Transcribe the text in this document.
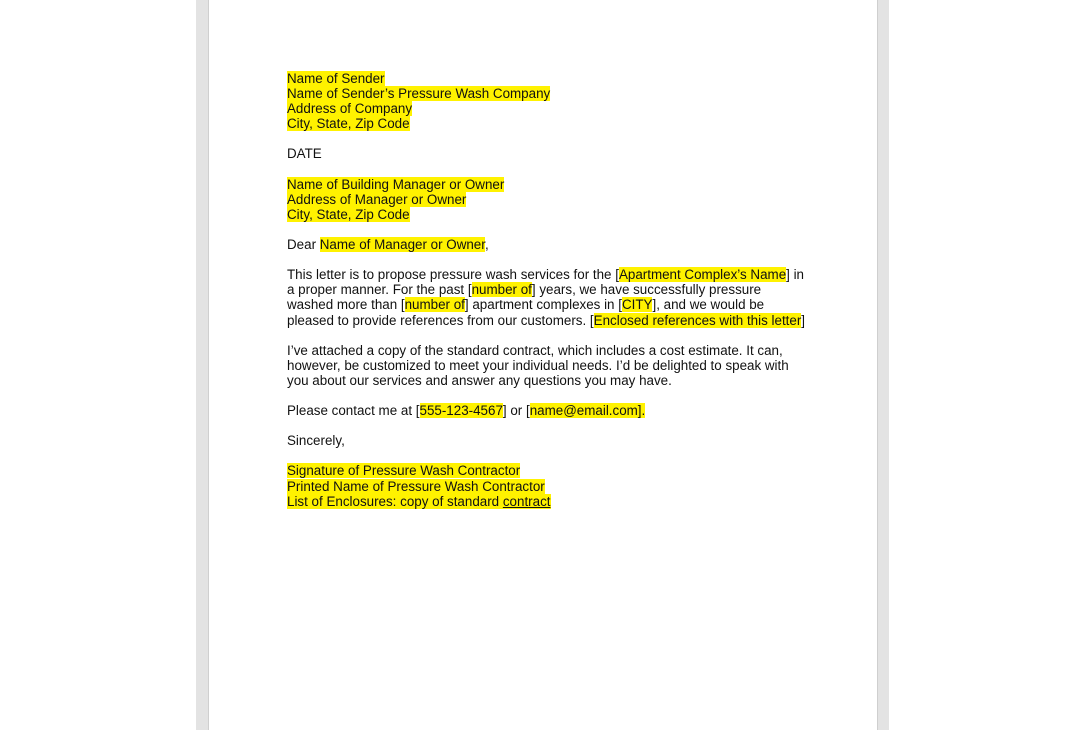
Name of Sender
Name of Sender’s Pressure Wash Company
Address of Company
City, State, Zip Code
DATE
Name of Building Manager or Owner
Address of Manager or Owner
City, State, Zip Code
Dear Name of Manager or Owner,
This letter is to propose pressure wash services for the [Apartment Complex’s Name] in
a proper manner. For the past [number of] years, we have successfully pressure
washed more than [number of] apartment complexes in [CITY], and we would be
pleased to provide references from our customers. [Enclosed references with this letter]
I’ve attached a copy of the standard contract, which includes a cost estimate. It can,
however, be customized to meet your individual needs. I’d be delighted to speak with
you about our services and answer any questions you may have.
Please contact me at [555-123-4567] or [name@email.com].
Sincerely,
Signature of Pressure Wash Contractor
Printed Name of Pressure Wash Contractor
List of Enclosures: copy of standard contract
